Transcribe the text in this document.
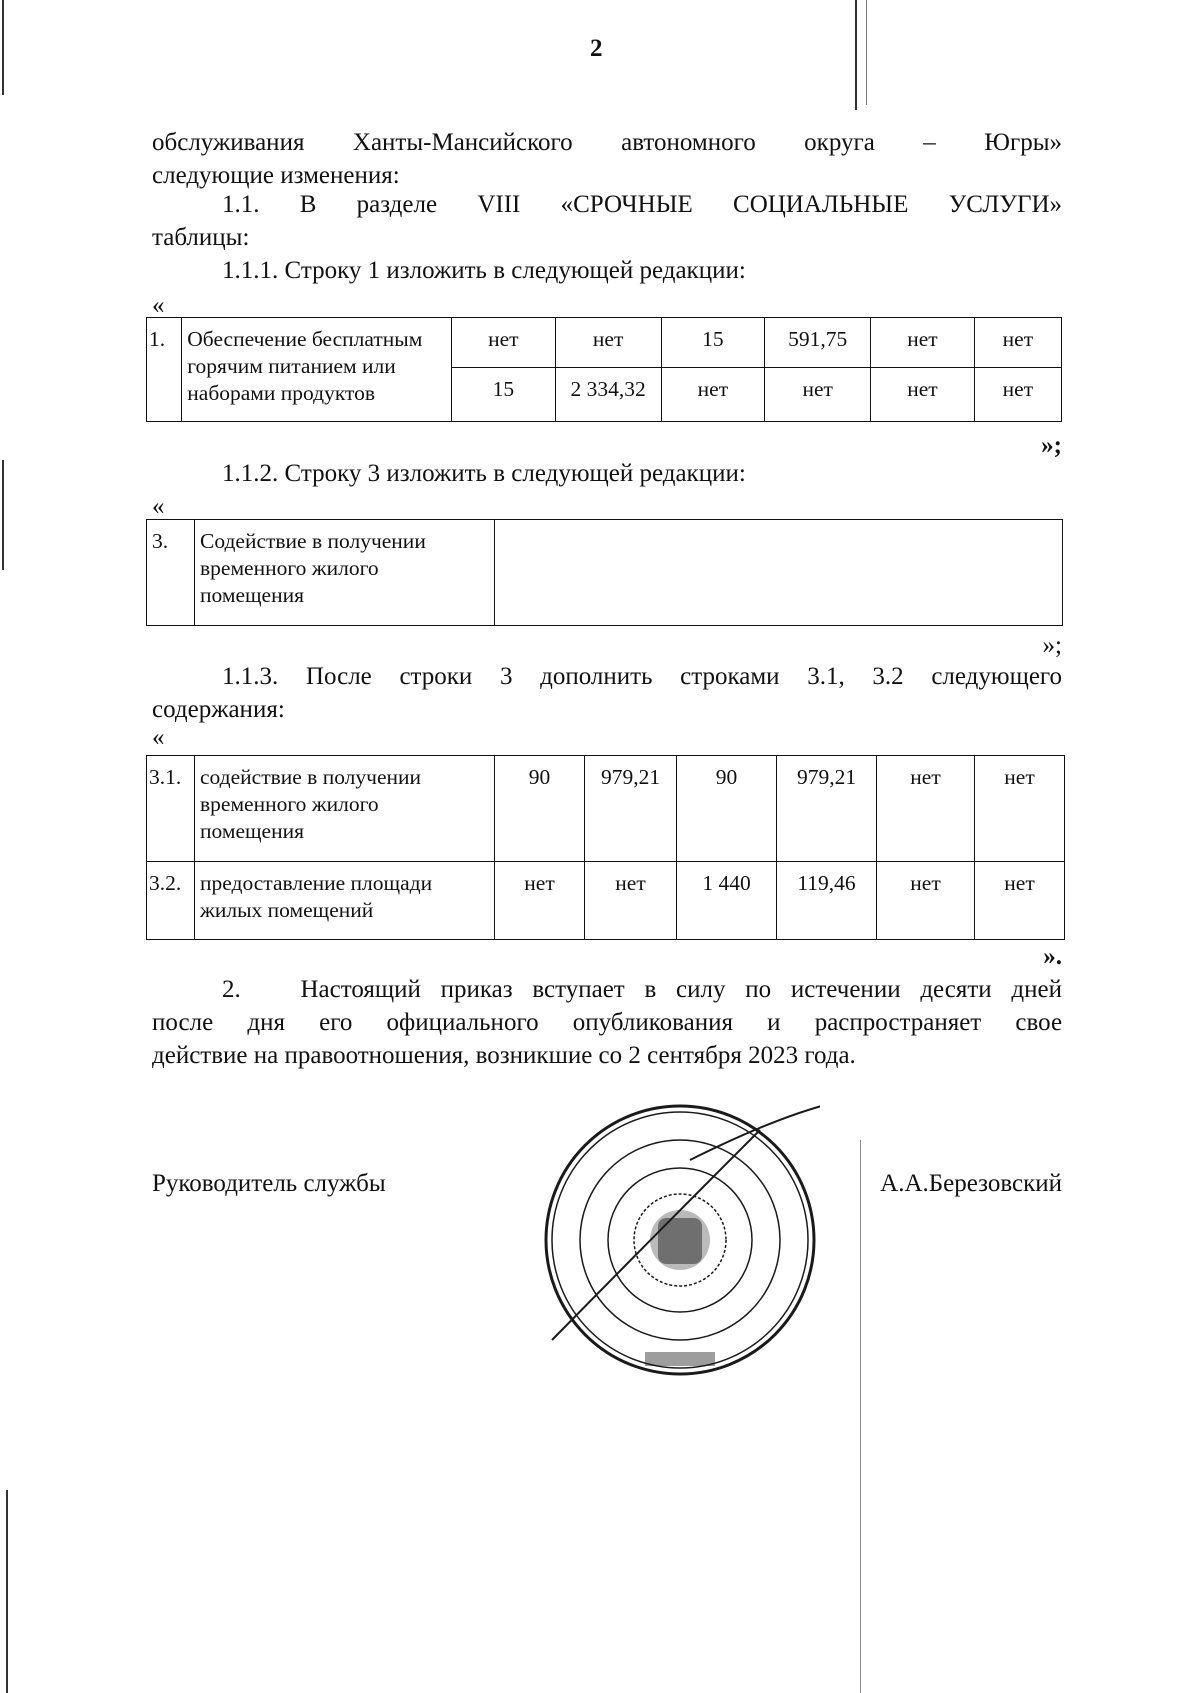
2
обслуживания Ханты-Мансийского автономного округа – Югры»
следующие изменения:
1.1. В разделе VIII «СРОЧНЫЕ СОЦИАЛЬНЫЕ УСЛУГИ»
таблицы:
1.1.1. Строку 1 изложить в следующей редакции:
«
1.	Обеспечение бесплатным
горячим питанием или
наборами продуктов	нет	нет	15	591,75	нет	нет
		15	2 334,32	нет	нет	нет	нет
»;
1.1.2. Строку 3 изложить в следующей редакции:
«
3.	Содействие в получении
временного жилого
помещения

»;
1.1.3. После строки 3 дополнить строками 3.1, 3.2 следующего
содержания:
«
3.1.	содействие в получении
временного жилого
помещения	90	979,21	90	979,21	нет	нет
3.2.	предоставление площади
жилых помещений	нет	нет	1 440	119,46	нет	нет
».
2. Настоящий приказ вступает в силу по истечении десяти дней
после дня его официального опубликования и распространяет свое
действие на правоотношения, возникшие со 2 сентября 2023 года.
Руководитель службы	А.А.Березовский
